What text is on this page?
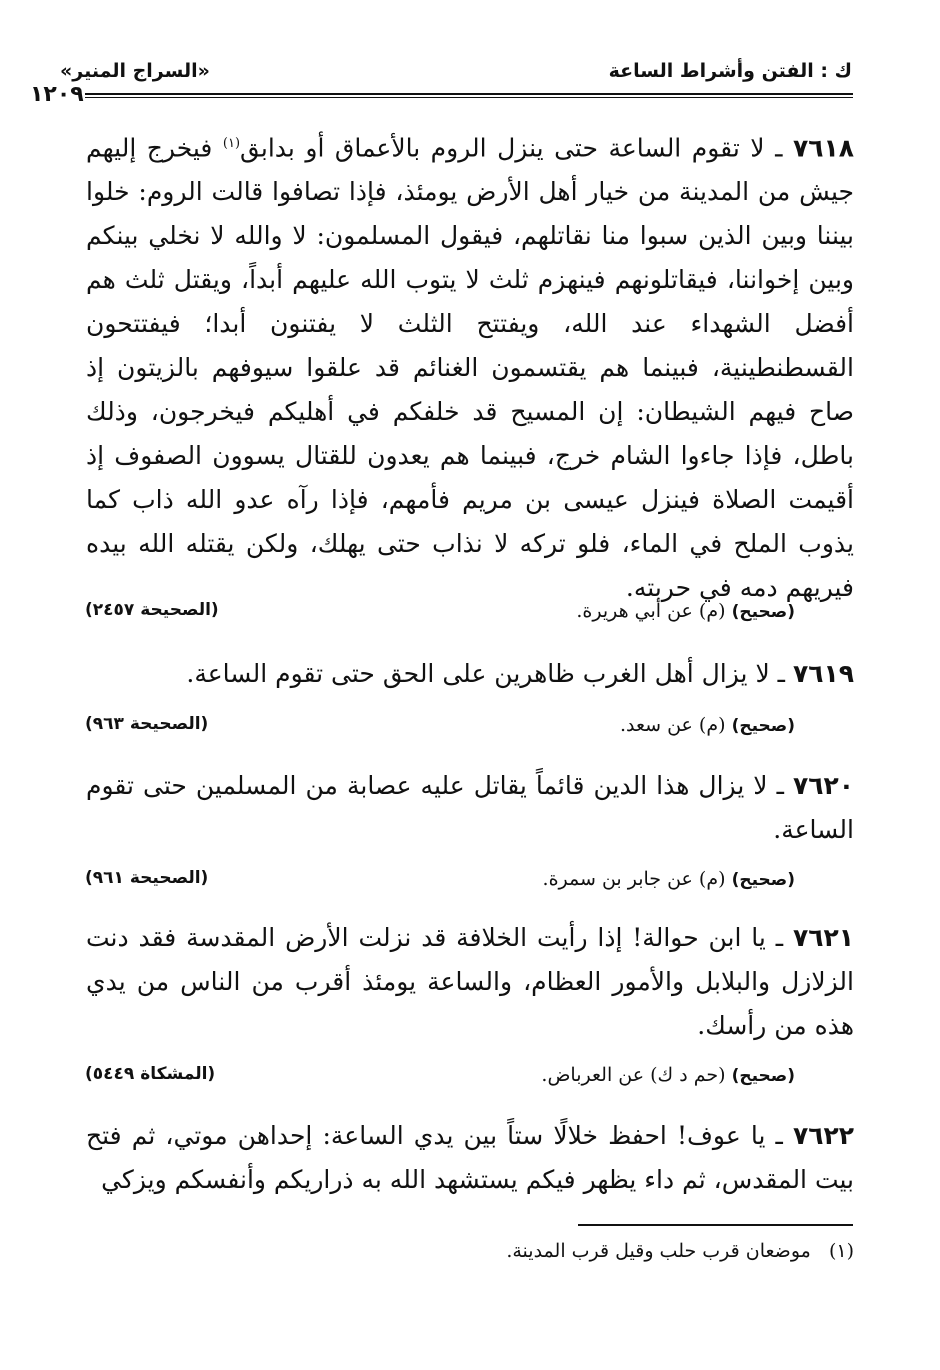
ك : الفتن وأشراط الساعة
«السراج المنير»
١٢٠٩
٧٦١٨ ـ لا تقوم الساعة حتى ينزل الروم بالأعماق أو بدابق$^{(١)}$ فيخرج إليهم جيش من المدينة من خيار أهل الأرض يومئذ، فإذا تصافوا قالت الروم: خلوا بيننا وبين الذين سبوا منا نقاتلهم، فيقول المسلمون: لا والله لا نخلي بينكم وبين إخواننا، فيقاتلونهم فينهزم ثلث لا يتوب الله عليهم أبداً، ويقتل ثلث هم أفضل الشهداء عند الله، ويفتتح الثلث لا يفتنون أبدا؛ فيفتتحون القسطنطينية، فبينما هم يقتسمون الغنائم قد علقوا سيوفهم بالزيتون إذ صاح فيهم الشيطان: إن المسيح قد خلفكم في أهليكم فيخرجون، وذلك باطل، فإذا جاءوا الشام خرج، فبينما هم يعدون للقتال يسوون الصفوف إذ أقيمت الصلاة فينزل عيسى بن مريم فأمهم، فإذا رآه عدو الله ذاب كما يذوب الملح في الماء، فلو تركه لا نذاب حتى يهلك، ولكن يقتله الله بيده فيريهم دمه في حربته.
(صحيح) (م) عن أبي هريرة.
(الصحيحة ٢٤٥٧)
٧٦١٩ ـ لا يزال أهل الغرب ظاهرين على الحق حتى تقوم الساعة.
(صحيح) (م) عن سعد.
(الصحيحة ٩٦٣)
٧٦٢٠ ـ لا يزال هذا الدين قائماً يقاتل عليه عصابة من المسلمين حتى تقوم الساعة.
(صحيح) (م) عن جابر بن سمرة.
(الصحيحة ٩٦١)
٧٦٢١ ـ يا ابن حوالة! إذا رأيت الخلافة قد نزلت الأرض المقدسة فقد دنت الزلازل والبلابل والأمور العظام، والساعة يومئذ أقرب من الناس من يدي هذه من رأسك.
(صحيح) (حم د ك) عن العرباض.
(المشكاة ٥٤٤٩)
٧٦٢٢ ـ يا عوف! احفظ خلالًا ستاً بين يدي الساعة: إحداهن موتي، ثم فتح بيت المقدس، ثم داء يظهر فيكم يستشهد الله به ذراريكم وأنفسكم ويزكي
(١)   موضعان قرب حلب وقيل قرب المدينة.
